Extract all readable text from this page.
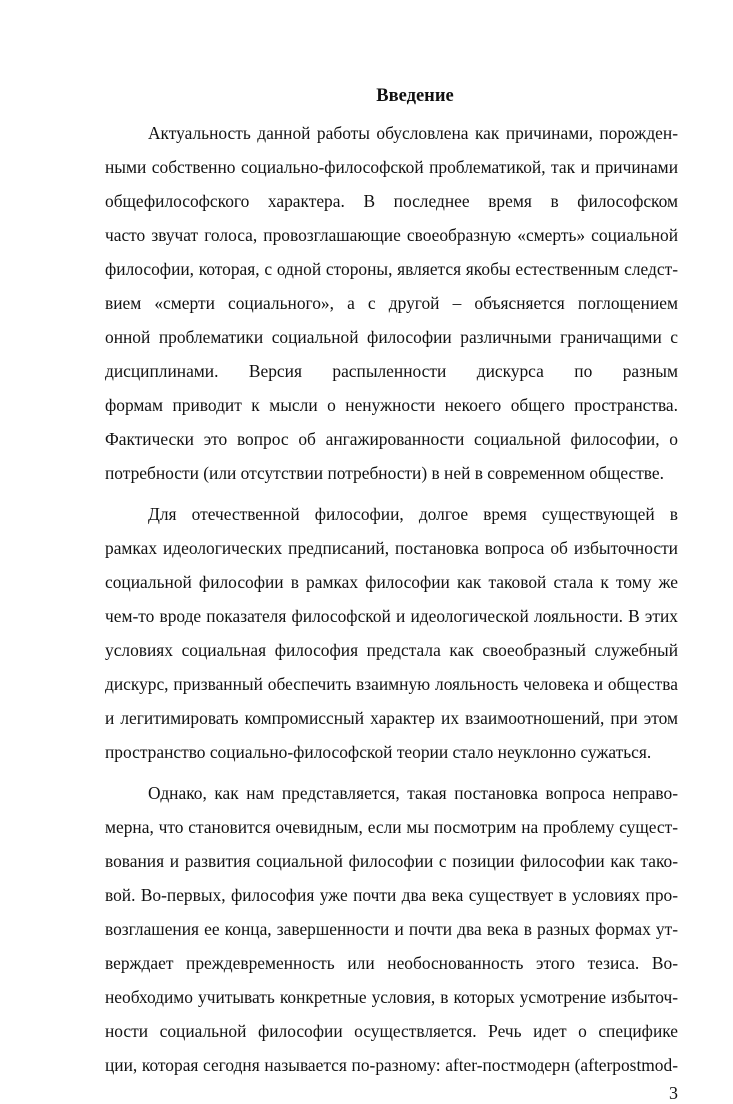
Введение
Актуальность данной работы обусловлена как причинами, порожден-
ными собственно социально-философской проблематикой, так и причинами
общефилософского характера. В последнее время в философском
часто звучат голоса, провозглашающие своеобразную «смерть» социальной
философии, которая, с одной стороны, является якобы естественным следст-
вием «смерти социального», а с другой – объясняется поглощением
онной проблематики социальной философии различными граничащими с
дисциплинами. Версия распыленности дискурса по разным
формам приводит к мысли о ненужности некоего общего пространства.
Фактически это вопрос об ангажированности социальной философии, о
потребности (или отсутствии потребности) в ней в современном обществе.
Для отечественной философии, долгое время существующей в
рамках идеологических предписаний, постановка вопроса об избыточности
социальной философии в рамках философии как таковой стала к тому же
чем-то вроде показателя философской и идеологической лояльности. В этих
условиях социальная философия предстала как своеобразный служебный
дискурс, призванный обеспечить взаимную лояльность человека и общества
и легитимировать компромиссный характер их взаимоотношений, при этом
пространство социально-философской теории стало неуклонно сужаться.
Однако, как нам представляется, такая постановка вопроса неправо-
мерна, что становится очевидным, если мы посмотрим на проблему сущест-
вования и развития социальной философии с позиции философии как тако-
вой. Во-первых, философия уже почти два века существует в условиях про-
возглашения ее конца, завершенности и почти два века в разных формах ут-
верждает преждевременность или необоснованность этого тезиса. Во-
необходимо учитывать конкретные условия, в которых усмотрение избыточ-
ности социальной философии осуществляется. Речь идет о специфике
ции, которая сегодня называется по-разному: after-постмодерн (afterpostmod-
3
